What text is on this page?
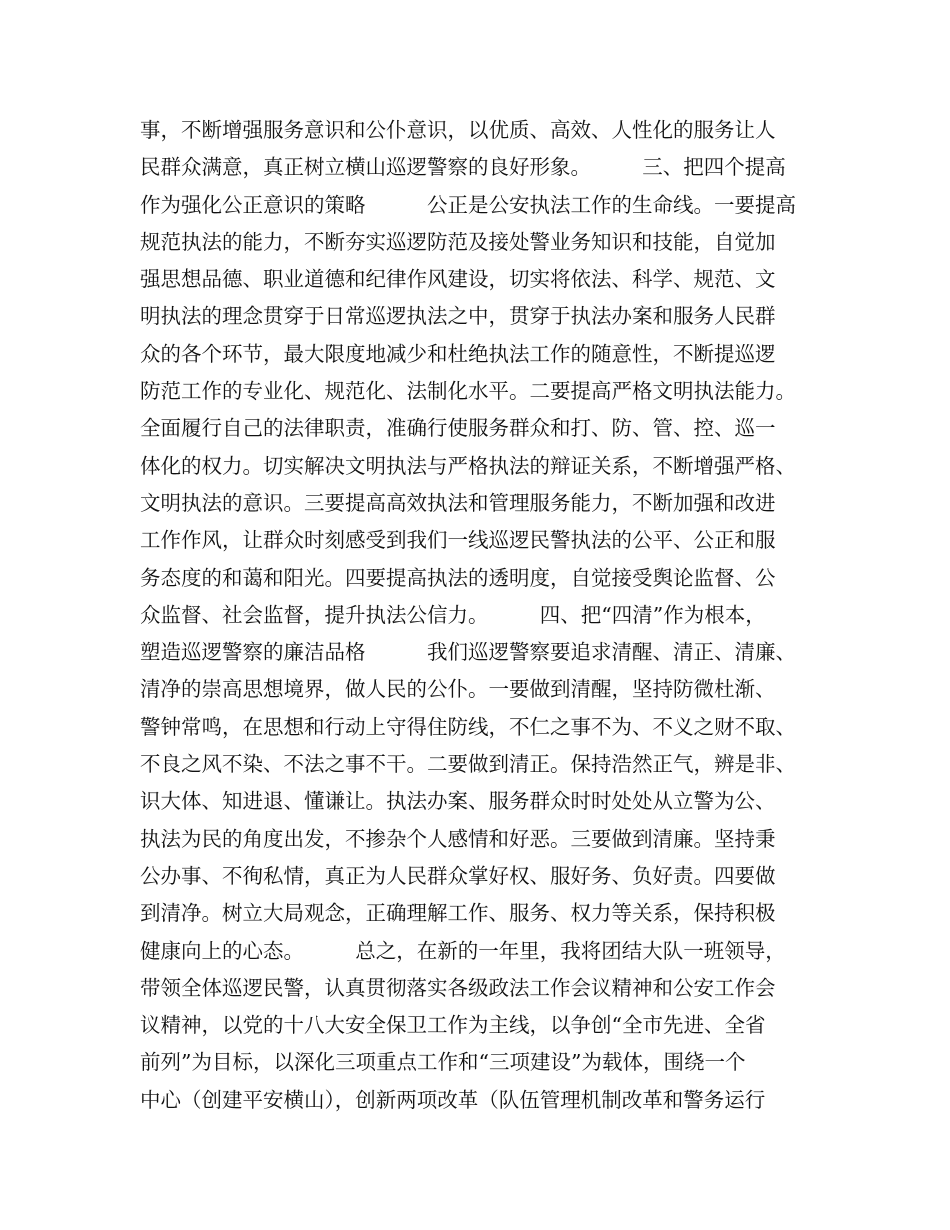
事，不断增强服务意识和公仆意识，以优质、高效、人性化的服务让人
民群众满意，真正树立横山巡逻警察的良好形象。　　　三、把四个提高
作为强化公正意识的策略　　　公正是公安执法工作的生命线。一要提高
规范执法的能力，不断夯实巡逻防范及接处警业务知识和技能，自觉加
强思想品德、职业道德和纪律作风建设，切实将依法、科学、规范、文
明执法的理念贯穿于日常巡逻执法之中，贯穿于执法办案和服务人民群
众的各个环节，最大限度地减少和杜绝执法工作的随意性，不断提巡逻
防范工作的专业化、规范化、法制化水平。二要提高严格文明执法能力。
全面履行自己的法律职责，准确行使服务群众和打、防、管、控、巡一
体化的权力。切实解决文明执法与严格执法的辩证关系，不断增强严格、
文明执法的意识。三要提高高效执法和管理服务能力，不断加强和改进
工作作风，让群众时刻感受到我们一线巡逻民警执法的公平、公正和服
务态度的和蔼和阳光。四要提高执法的透明度，自觉接受舆论监督、公
众监督、社会监督，提升执法公信力。　　　四、把“四清”作为根本，
塑造巡逻警察的廉洁品格　　　我们巡逻警察要追求清醒、清正、清廉、
清净的崇高思想境界，做人民的公仆。一要做到清醒，坚持防微杜渐、
警钟常鸣，在思想和行动上守得住防线，不仁之事不为、不义之财不取、
不良之风不染、不法之事不干。二要做到清正。保持浩然正气，辨是非、
识大体、知进退、懂谦让。执法办案、服务群众时时处处从立警为公、
执法为民的角度出发，不掺杂个人感情和好恶。三要做到清廉。坚持秉
公办事、不徇私情，真正为人民群众掌好权、服好务、负好责。四要做
到清净。树立大局观念，正确理解工作、服务、权力等关系，保持积极
健康向上的心态。　　　总之，在新的一年里，我将团结大队一班领导，
带领全体巡逻民警，认真贯彻落实各级政法工作会议精神和公安工作会
议精神，以党的十八大安全保卫工作为主线，以争创“全市先进、全省
前列”为目标，以深化三项重点工作和“三项建设”为载体，围绕一个
中心（创建平安横山），创新两项改革（队伍管理机制改革和警务运行
